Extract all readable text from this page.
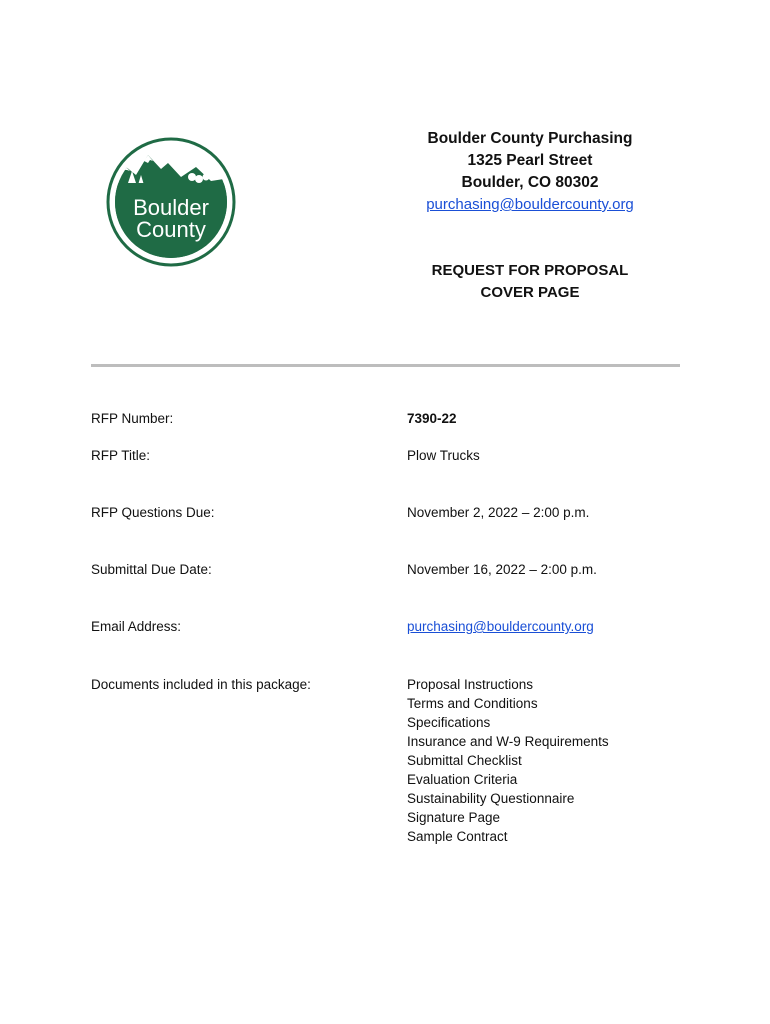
Boulder
County
Boulder County Purchasing
1325 Pearl Street
Boulder, CO 80302
purchasing@bouldercounty.org
REQUEST FOR PROPOSAL
COVER PAGE
RFP Number:	7390-22
RFP Title:	Plow Trucks
RFP Questions Due:	November 2, 2022 – 2:00 p.m.
Submittal Due Date:	November 16, 2022 – 2:00 p.m.
Email Address:	purchasing@bouldercounty.org
Documents included in this package:	Proposal Instructions
Terms and Conditions
Specifications
Insurance and W-9 Requirements
Submittal Checklist
Evaluation Criteria
Sustainability Questionnaire
Signature Page
Sample Contract
